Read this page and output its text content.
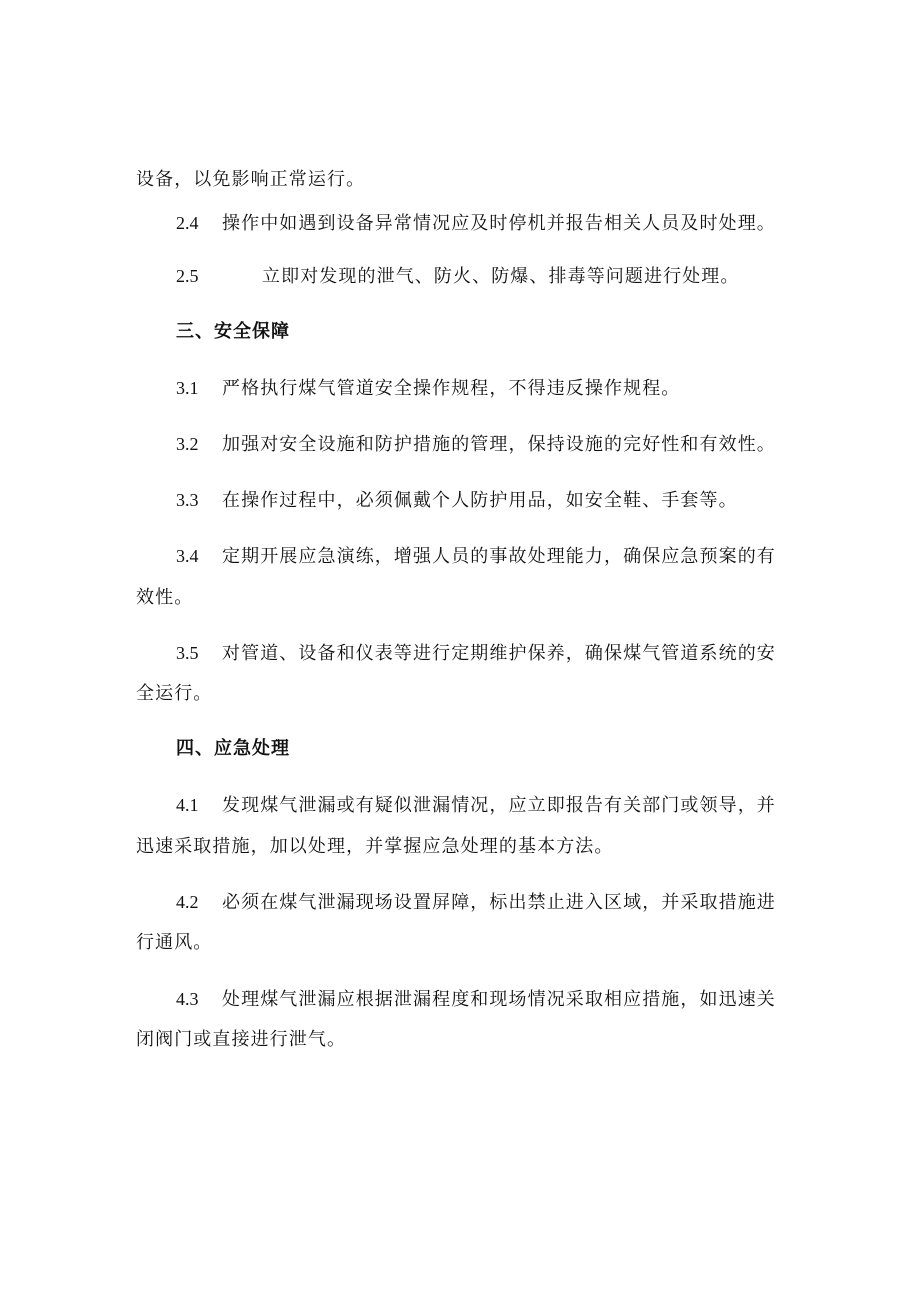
设备，以免影响正常运行。
2.4 操作中如遇到设备异常情况应及时停机并报告相关人员及时处理。
2.5	立即对发现的泄气、防火、防爆、排毒等问题进行处理。
三、安全保障
3.1 严格执行煤气管道安全操作规程，不得违反操作规程。
3.2 加强对安全设施和防护措施的管理，保持设施的完好性和有效性。
3.3 在操作过程中，必须佩戴个人防护用品，如安全鞋、手套等。
3.4 定期开展应急演练，增强人员的事故处理能力，确保应急预案的有
效性。
3.5 对管道、设备和仪表等进行定期维护保养，确保煤气管道系统的安
全运行。
四、应急处理
4.1 发现煤气泄漏或有疑似泄漏情况，应立即报告有关部门或领导，并
迅速采取措施，加以处理，并掌握应急处理的基本方法。
4.2 必须在煤气泄漏现场设置屏障，标出禁止进入区域，并采取措施进
行通风。
4.3 处理煤气泄漏应根据泄漏程度和现场情况采取相应措施，如迅速关
闭阀门或直接进行泄气。
